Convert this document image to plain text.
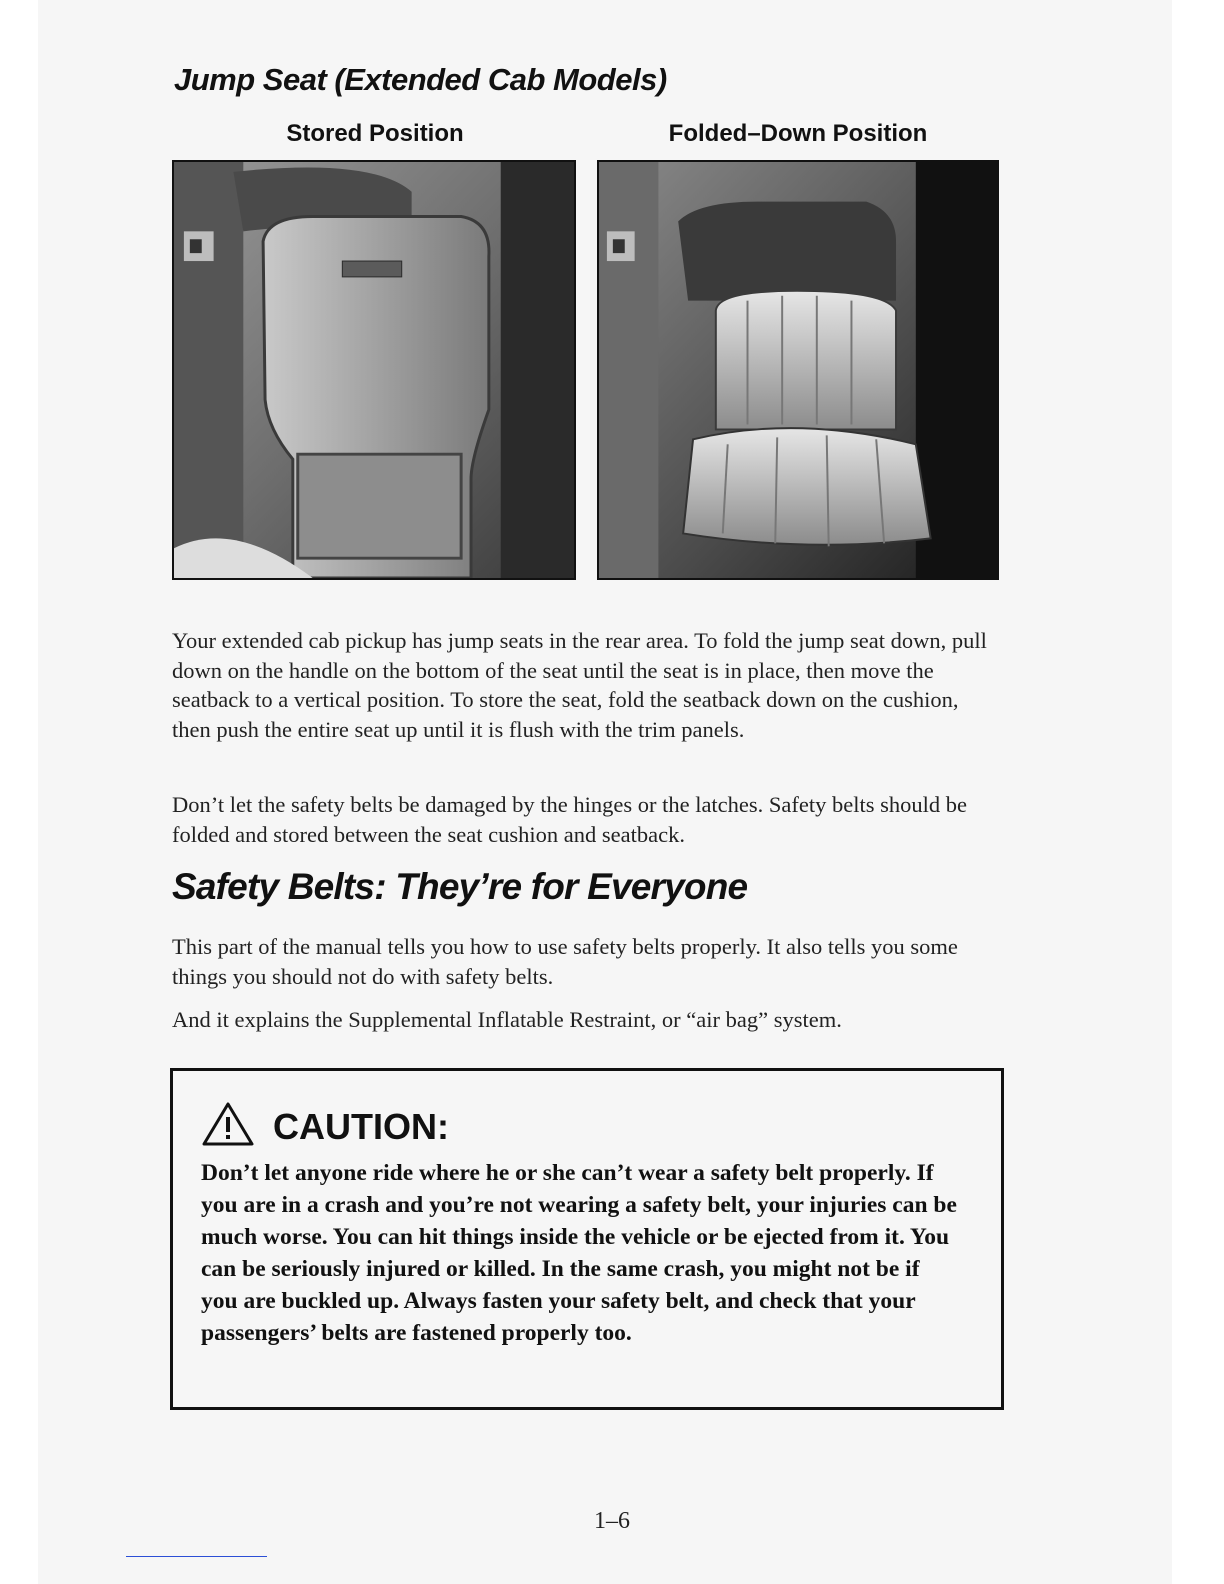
Jump Seat (Extended Cab Models)
Stored Position	Folded–Down Position

Your extended cab pickup has jump seats in the rear area. To fold the jump seat down, pull down on the handle on the bottom of the seat until the seat is in place, then move the seatback to a vertical position. To store the seat, fold the seatback down on the cushion, then push the entire seat up until it is flush with the trim panels.

Don’t let the safety belts be damaged by the hinges or the latches. Safety belts should be folded and stored between the seat cushion and seatback.

Safety Belts: They’re for Everyone

This part of the manual tells you how to use safety belts properly. It also tells you some things you should not do with safety belts.

And it explains the Supplemental Inflatable Restraint, or “air bag” system.

CAUTION:

Don’t let anyone ride where he or she can’t wear a safety belt properly. If you are in a crash and you’re not wearing a safety belt, your injuries can be much worse. You can hit things inside the vehicle or be ejected from it. You can be seriously injured or killed. In the same crash, you might not be if you are buckled up. Always fasten your safety belt, and check that your passengers’ belts are fastened properly too.

1–6
